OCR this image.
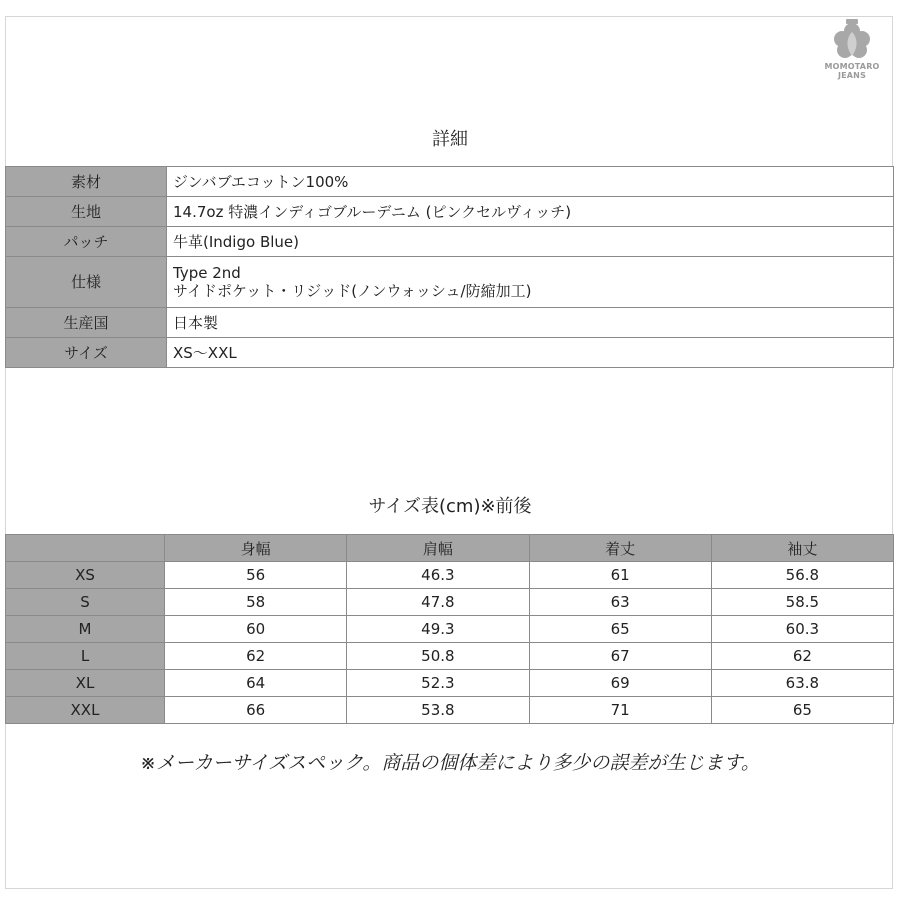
MOMOTARO
JEANS
詳細
素材	ジンバブエコットン100%
生地	14.7oz 特濃インディゴブルーデニム (ピンクセルヴィッチ)
パッチ	牛革(Indigo Blue)
仕様	Type 2nd
サイドポケット・リジッド(ノンウォッシュ/防縮加工)

生産国	日本製
サイズ	XS〜XXL
サイズ表(cm)※前後
	身幅	肩幅	着丈	袖丈
XS	56	46.3	61	56.8
S	58	47.8	63	58.5
M	60	49.3	65	60.3
L	62	50.8	67	62
XL	64	52.3	69	63.8
XXL	66	53.8	71	65
※メーカーサイズスペック。商品の個体差により多少の誤差が生じます。
